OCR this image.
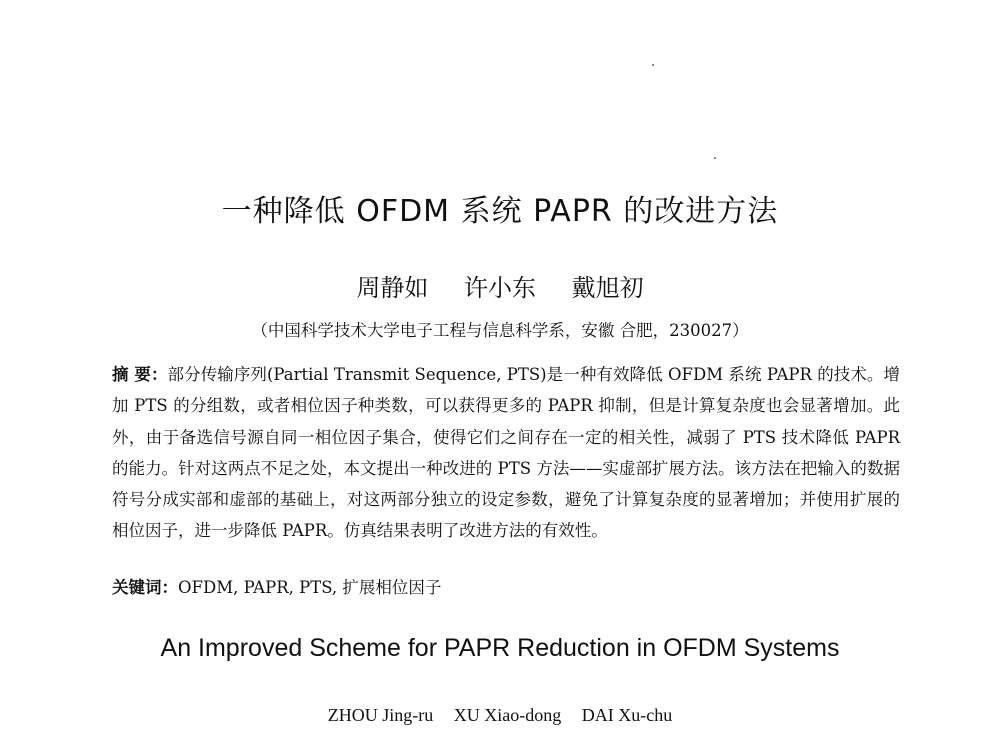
一种降低 OFDM 系统 PAPR 的改进方法
周静如 许小东 戴旭初
（中国科学技术大学电子工程与信息科学系，安徽 合肥，230027）
摘 要：部分传输序列(Partial Transmit Sequence, PTS)是一种有效降低 OFDM 系统 PAPR 的技术。增加 PTS 的分组数，或者相位因子种类数，可以获得更多的 PAPR 抑制，但是计算复杂度也会显著增加。此外，由于备选信号源自同一相位因子集合，使得它们之间存在一定的相关性，减弱了 PTS 技术降低 PAPR 的能力。针对这两点不足之处，本文提出一种改进的 PTS 方法——实虚部扩展方法。该方法在把输入的数据符号分成实部和虚部的基础上，对这两部分独立的设定参数，避免了计算复杂度的显著增加；并使用扩展的相位因子，进一步降低 PAPR。仿真结果表明了改进方法的有效性。
关键词：OFDM, PAPR, PTS, 扩展相位因子
An Improved Scheme for PAPR Reduction in OFDM Systems
ZHOU Jing-ru XU Xiao-dong DAI Xu-chu
